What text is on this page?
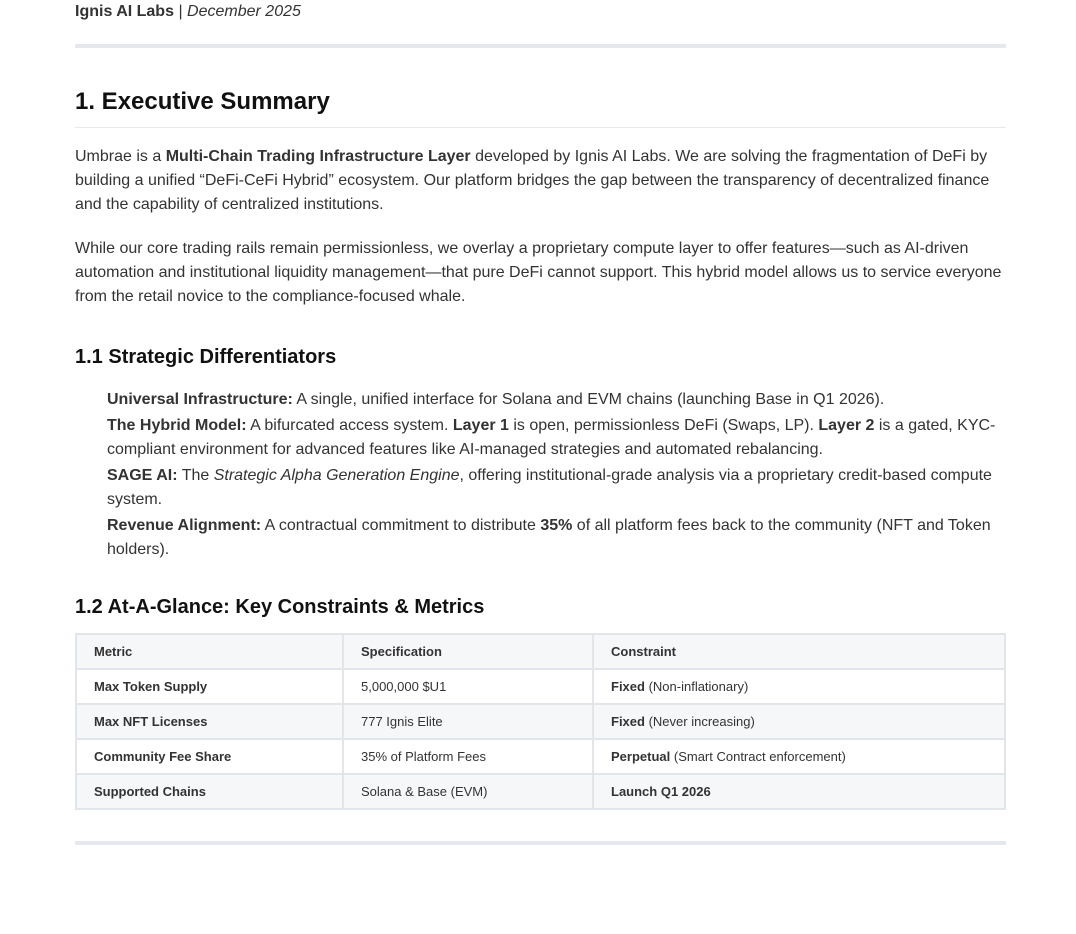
Ignis AI Labs | December 2025

1. Executive Summary

Umbrae is a Multi-Chain Trading Infrastructure Layer developed by Ignis AI Labs. We are solving the fragmentation of DeFi by building a unified “DeFi-CeFi Hybrid” ecosystem. Our platform bridges the gap between the transparency of decentralized finance and the capability of centralized institutions.

While our core trading rails remain permissionless, we overlay a proprietary compute layer to offer features—such as AI-driven automation and institutional liquidity management—that pure DeFi cannot support. This hybrid model allows us to service everyone from the retail novice to the compliance-focused whale.

1.1 Strategic Differentiators
Universal Infrastructure: A single, unified interface for Solana and EVM chains (launching Base in Q1 2026).
The Hybrid Model: A bifurcated access system. Layer 1 is open, permissionless DeFi (Swaps, LP). Layer 2 is a gated, KYC-compliant environment for advanced features like AI-managed strategies and automated rebalancing.
SAGE AI: The Strategic Alpha Generation Engine, offering institutional-grade analysis via a proprietary credit-based compute system.
Revenue Alignment: A contractual commitment to distribute 35% of all platform fees back to the community (NFT and Token holders).
1.2 At-A-Glance: Key Constraints & Metrics
Metric	Specification	Constraint
Max Token Supply	5,000,000 $U1	Fixed (Non-inflationary)
Max NFT Licenses	777 Ignis Elite	Fixed (Never increasing)
Community Fee Share	35% of Platform Fees	Perpetual (Smart Contract enforcement)
Supported Chains	Solana & Base (EVM)	Launch Q1 2026
